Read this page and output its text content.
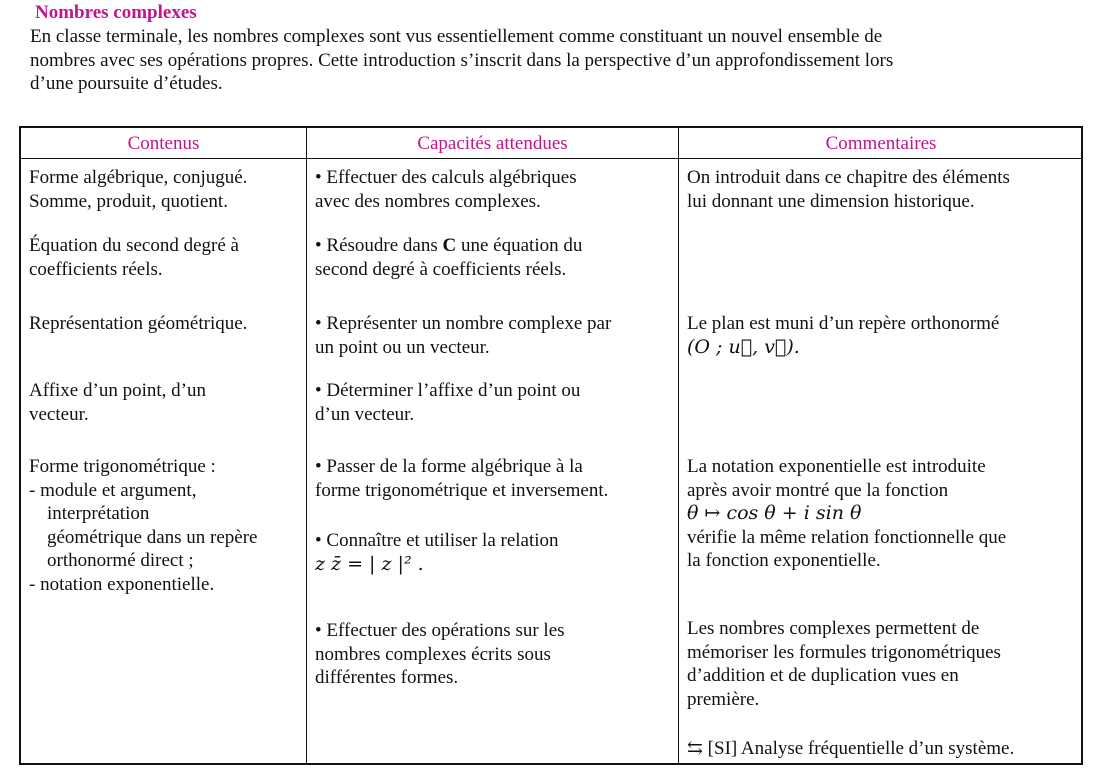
Nombres complexes
En classe terminale, les nombres complexes sont vus essentiellement comme constituant un nouvel ensemble de
nombres avec ses opérations propres. Cette introduction s’inscrit dans la perspective d’un approfondissement lors
d’une poursuite d’études.
Contenus	Capacités attendues	Commentaires
Forme algébrique, conjugué.
Somme, produit, quotient.
Équation du second degré à
coefficients réels.
Représentation géométrique.
Affixe d’un point, d’un
vecteur.
Forme trigonométrique :
- module et argument,
interprétation
géométrique dans un repère
orthonormé direct ;
- notation exponentielle.
• Effectuer des calculs algébriques
avec des nombres complexes.
• Résoudre dans C une équation du
second degré à coefficients réels.
• Représenter un nombre complexe par
un point ou un vecteur.
• Déterminer l’affixe d’un point ou
d’un vecteur.
• Passer de la forme algébrique à la
forme trigonométrique et inversement.
• Connaître et utiliser la relation
z z̄ = | z |² .
• Effectuer des opérations sur les
nombres complexes écrits sous
différentes formes.
On introduit dans ce chapitre des éléments
lui donnant une dimension historique.
Le plan est muni d’un repère orthonormé
(O ; u⃗, v⃗).
La notation exponentielle est introduite
après avoir montré que la fonction
θ ↦ cos θ + i sin θ
vérifie la même relation fonctionnelle que
la fonction exponentielle.
Les nombres complexes permettent de
mémoriser les formules trigonométriques
d’addition et de duplication vues en
première.
⇆ [SI] Analyse fréquentielle d’un système.
